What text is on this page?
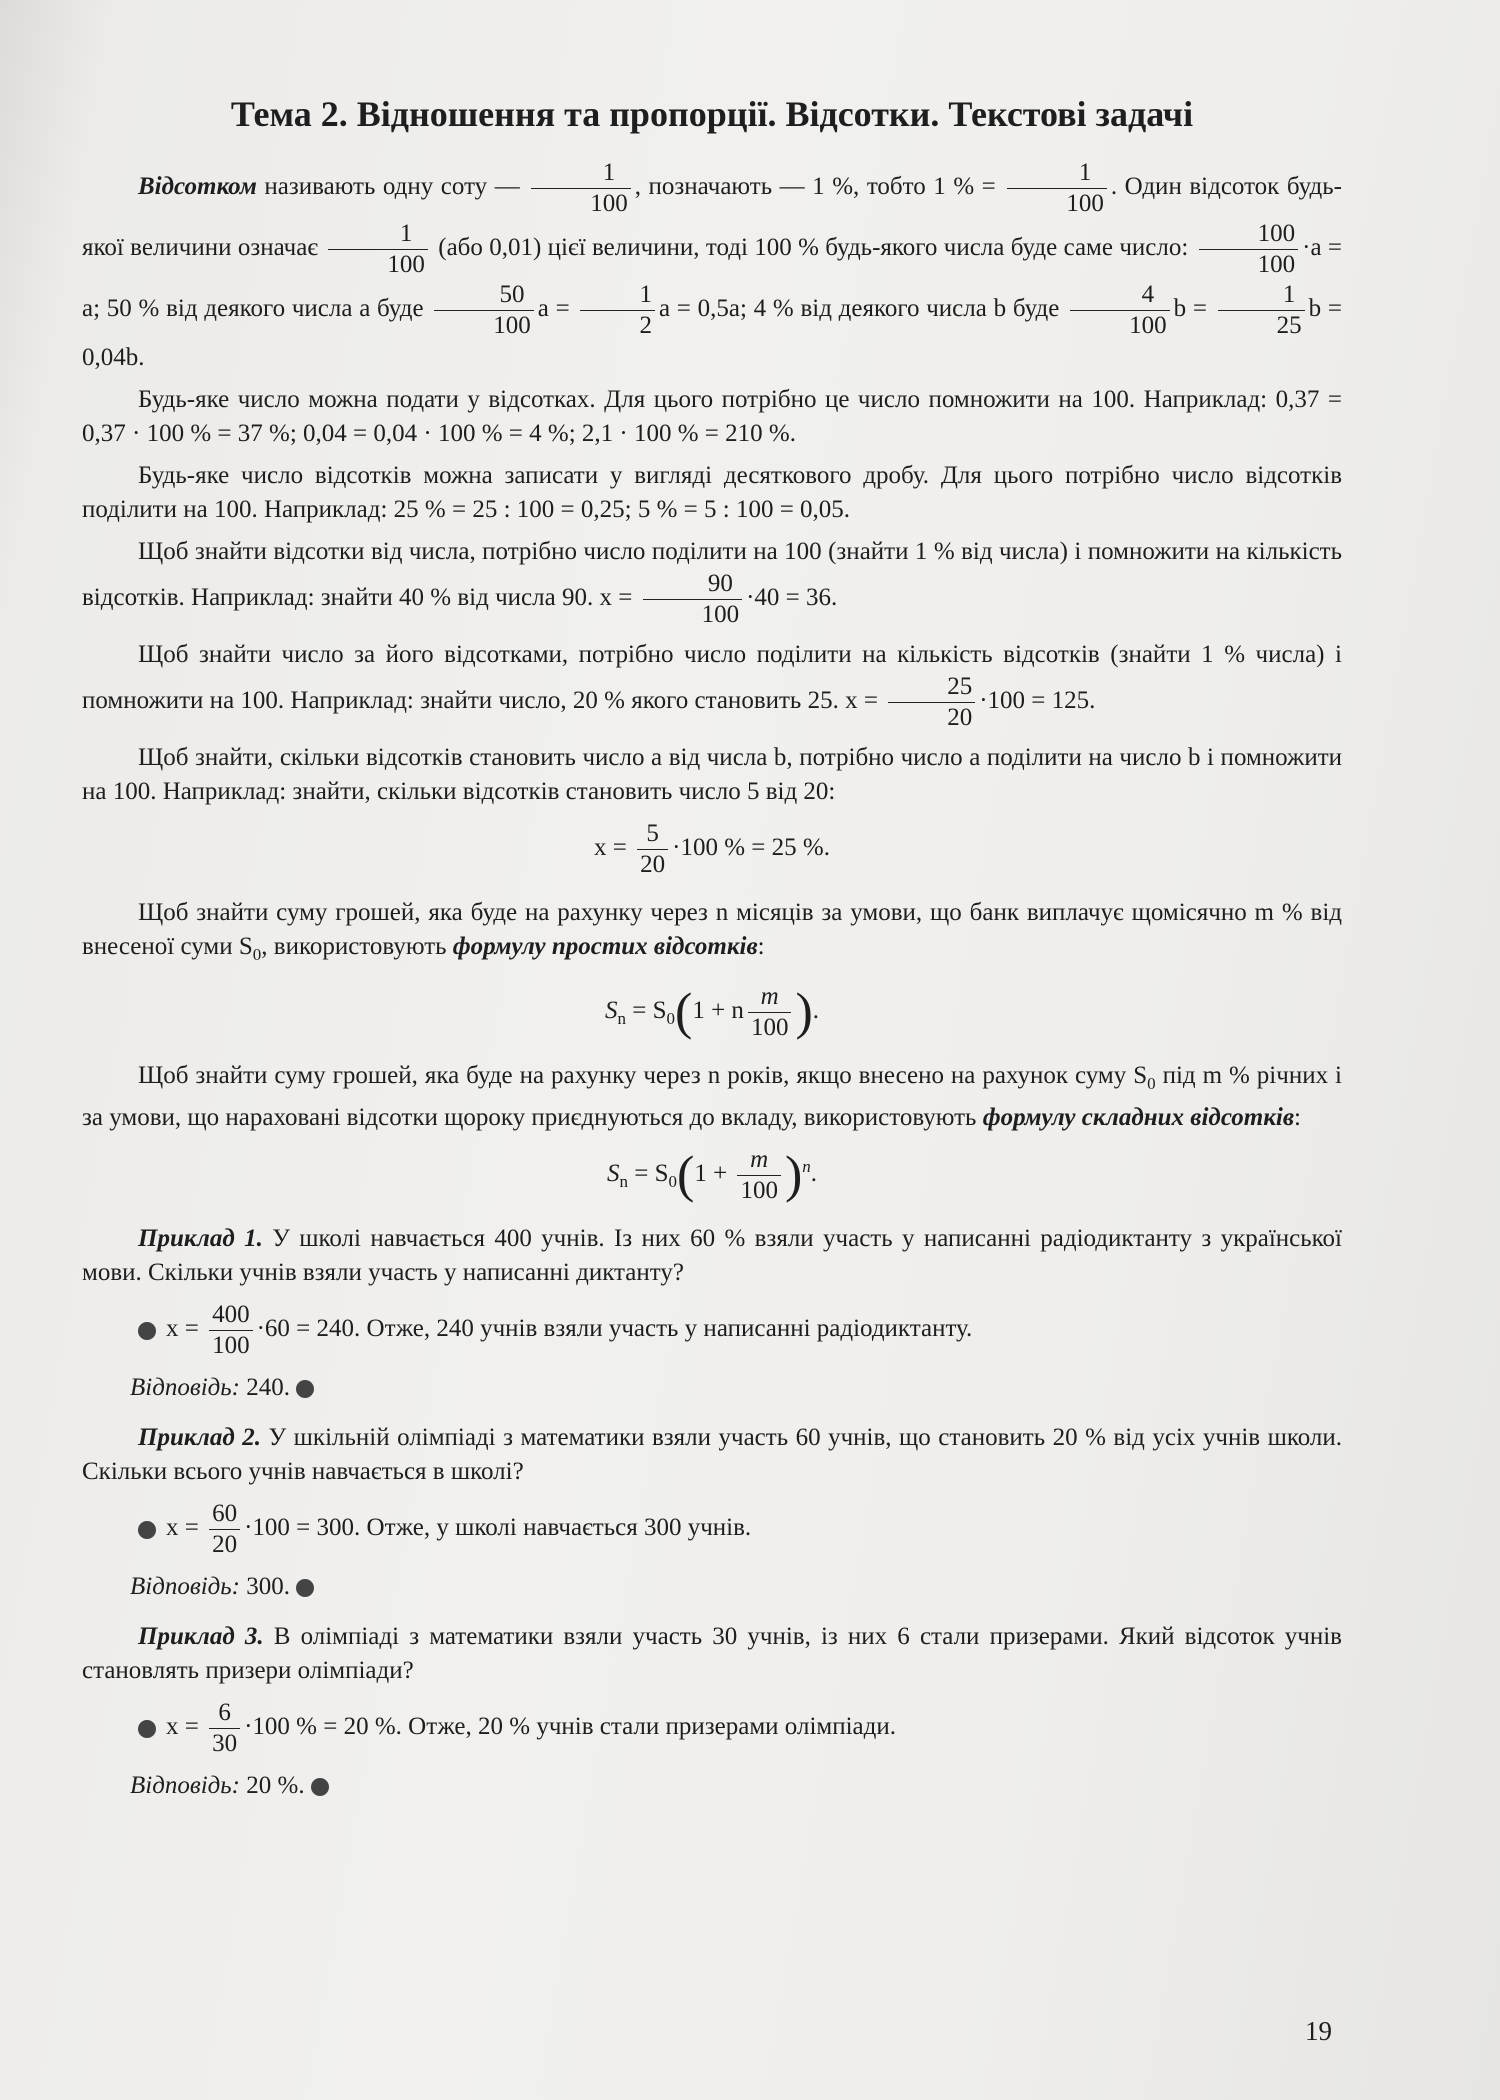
Тема 2. Відношення та пропорції. Відсотки. Текстові задачі

Відсотком називають одну соту — $\frac{1}{100}$ , позначають — 1 %, тобто 1 % = $\frac{1}{100}$ . Один відсоток будь-якої величини означає $\frac{1}{100} (або$ 0,01) цієї величини, тоді 100 % будь-якого числа буде саме число: $\frac{100}{100} \cdot a = a$; 50 % від деякого числа a буде $\frac{50}{100}$ $a = \frac{1}{2}$ a = 0,5a; 4 % від деякого числа b буде $\frac{4}{100}$ $b = \frac{1}{25}$ b = 0,04b.

Будь-яке число можна подати у відсотках. Для цього потрібно це число помножити на 100. Наприклад: 0,37 = 0,37 · 100 % = 37 %; 0,04 = 0,04 · 100 % = 4 %; 2,1 · 100 % = 210 %.

Будь-яке число відсотків можна записати у вигляді десяткового дробу. Для цього потрібно число відсотків поділити на 100. Наприклад: 25 % = 25 : 100 = 0,25; 5 % = 5 : 100 = 0,05.

Щоб знайти відсотки від числа, потрібно число поділити на 100 (знайти 1 % від числа) і помножити на кількість відсотків. Наприклад: знайти 40 % від числа 90. $x = \frac{90}{100} \cdot 40 = 36$.

Щоб знайти число за його відсотками, потрібно число поділити на кількість відсотків (знайти 1 % числа) і помножити на 100. Наприклад: знайти число, 20 % якого становить 25. $x = \frac{25}{20} \cdot 100 = 125$.

Щоб знайти, скільки відсотків становить число a від числа b, потрібно число a поділити на число b і помножити на 100. Наприклад: знайти, скільки відсотків становить число 5 від 20:

$x = \frac{5}{20} \cdot 100$ % = 25 %.

Щоб знайти суму грошей, яка буде на рахунку через n місяців за умови, що банк виплачує щомісячно m % від внесеної суми $S_0$, використовують формулу простих відсотків:

$S_n = S_0(1 + n \frac{m}{100}$ ).

Щоб знайти суму грошей, яка буде на рахунку через n років, якщо внесено на рахунок суму $S_0$ під m % річних і за умови, що нараховані відсотки щороку приєднуються до вкладу, використовують формулу складних відсотків:

$S_n = S_0(1 + \frac{m}{100} )^n$.

Приклад 1. У школі навчається 400 учнів. Із них 60 % взяли участь у написанні радіодиктанту з української мови. Скільки учнів взяли участь у написанні диктанту?

$x = \frac{400}{100} \cdot 60 = 240$. Отже, 240 учнів взяли участь у написанні радіодиктанту.
Відповідь: 240.

Приклад 2. У шкільній олімпіаді з математики взяли участь 60 учнів, що становить 20 % від усіх учнів школи. Скільки всього учнів навчається в школі?

$x = \frac{60}{20} \cdot 100 = 300$. Отже, у школі навчається 300 учнів.
Відповідь: 300.

Приклад 3. В олімпіаді з математики взяли участь 30 учнів, із них 6 стали призерами. Який відсоток учнів становлять призери олімпіади?

$x = \frac{6}{30} \cdot 100$ % = 20 %. Отже, 20 % учнів стали призерами олімпіади.
Відповідь: 20 %.
19
